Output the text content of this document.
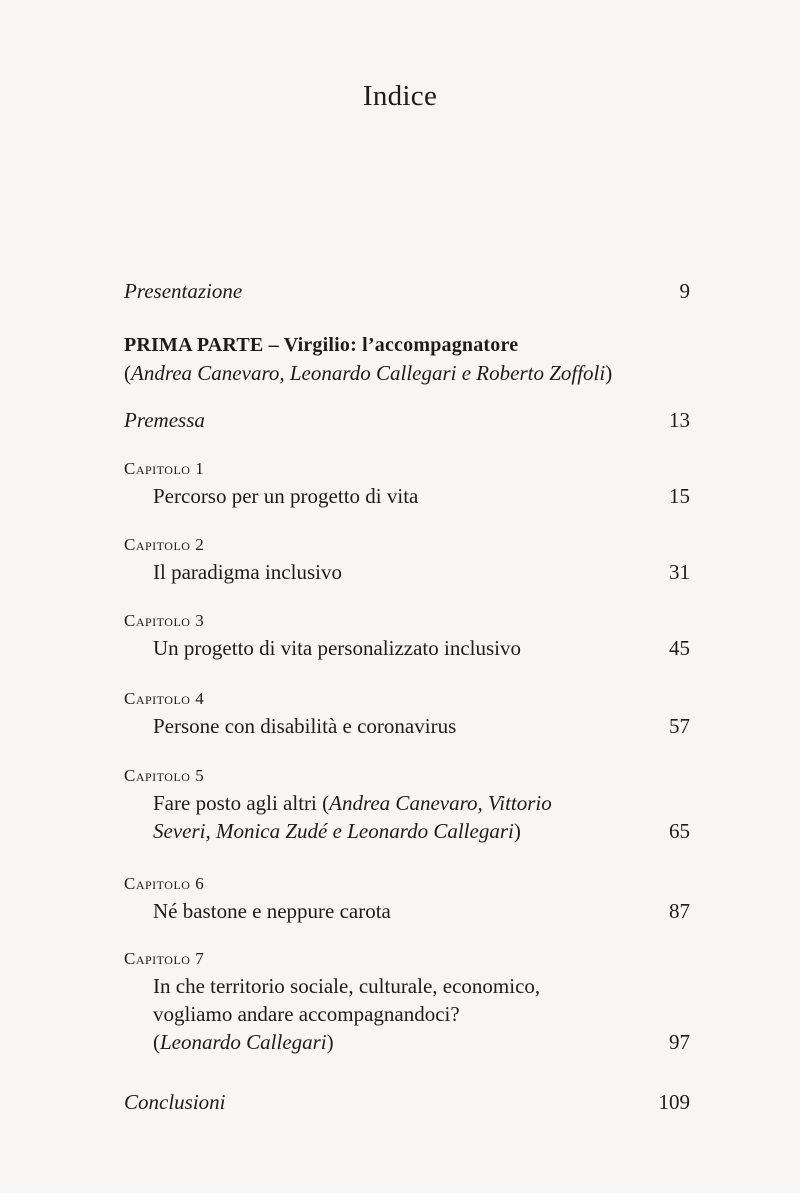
Indice
Presentazione	9
PRIMA PARTE – Virgilio: l’accompagnatore
(Andrea Canevaro, Leonardo Callegari e Roberto Zoffoli)
Premessa	13
Capitolo 1
Percorso per un progetto di vita	15
Capitolo 2
Il paradigma inclusivo	31
Capitolo 3
Un progetto di vita personalizzato inclusivo	45
Capitolo 4
Persone con disabilità e coronavirus	57
Capitolo 5
Fare posto agli altri (Andrea Canevaro, Vittorio
Severi, Monica Zudé e Leonardo Callegari)	65
Capitolo 6
Né bastone e neppure carota	87
Capitolo 7
In che territorio sociale, culturale, economico,
vogliamo andare accompagnandoci?
(Leonardo Callegari)	97
Conclusioni	109
